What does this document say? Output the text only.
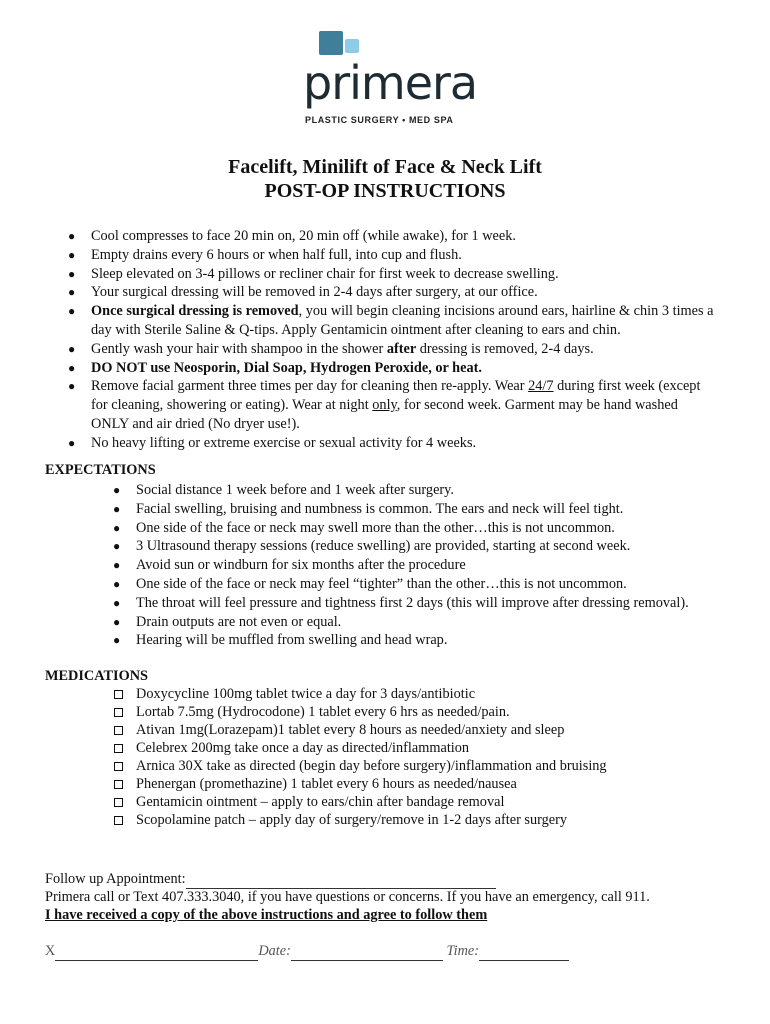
primera
PLASTIC SURGERY • MED SPA
Facelift, Minilift of Face & Neck Lift
POST-OP INSTRUCTIONS
● Cool compresses to face 20 min on, 20 min off (while awake), for 1 week.
● Empty drains every 6 hours or when half full, into cup and flush.
● Sleep elevated on 3-4 pillows or recliner chair for first week to decrease swelling.
● Your surgical dressing will be removed in 2-4 days after surgery, at our office.
● Once surgical dressing is removed, you will begin cleaning incisions around ears, hairline & chin 3 times a day with Sterile Saline & Q-tips. Apply Gentamicin ointment after cleaning to ears and chin.
● Gently wash your hair with shampoo in the shower after dressing is removed, 2-4 days.
● DO NOT use Neosporin, Dial Soap, Hydrogen Peroxide, or heat.
● Remove facial garment three times per day for cleaning then re-apply. Wear 24/7 during first week (except for cleaning, showering or eating). Wear at night only, for second week. Garment may be hand washed ONLY and air dried (No dryer use!).
● No heavy lifting or extreme exercise or sexual activity for 4 weeks.
EXPECTATIONS
● Social distance 1 week before and 1 week after surgery.
● Facial swelling, bruising and numbness is common. The ears and neck will feel tight.
● One side of the face or neck may swell more than the other…this is not uncommon.
● 3 Ultrasound therapy sessions (reduce swelling) are provided, starting at second week.
● Avoid sun or windburn for six months after the procedure
● One side of the face or neck may feel “tighter” than the other…this is not uncommon.
● The throat will feel pressure and tightness first 2 days (this will improve after dressing removal).
● Drain outputs are not even or equal.
● Hearing will be muffled from swelling and head wrap.
MEDICATIONS
Doxycycline 100mg tablet twice a day for 3 days/antibiotic
Lortab 7.5mg (Hydrocodone) 1 tablet every 6 hrs as needed/pain.
Ativan 1mg(Lorazepam)1 tablet every 8 hours as needed/anxiety and sleep
Celebrex 200mg take once a day as directed/inflammation
Arnica 30X take as directed (begin day before surgery)/inflammation and bruising
Phenergan (promethazine) 1 tablet every 6 hours as needed/nausea
Gentamicin ointment – apply to ears/chin after bandage removal
Scopolamine patch – apply day of surgery/remove in 1-2 days after surgery
Follow up Appointment:
Primera call or Text 407.333.3040, if you have questions or concerns. If you have an emergency, call 911.
I have received a copy of the above instructions and agree to follow them
X	Date:	Time:
